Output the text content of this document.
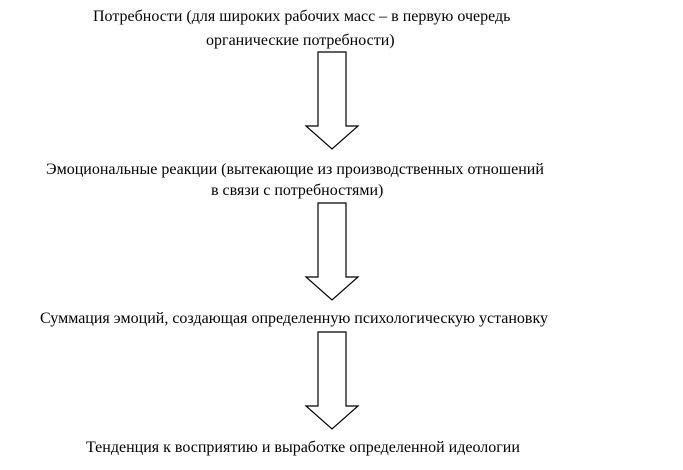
Потребности (для широких рабочих масс – в первую очередь
органические потребности)
Эмоциональные реакции (вытекающие из производственных отношений
в связи с потребностями)
Суммация эмоций, создающая определенную психологическую установку
Тенденция к восприятию и выработке определенной идеологии
